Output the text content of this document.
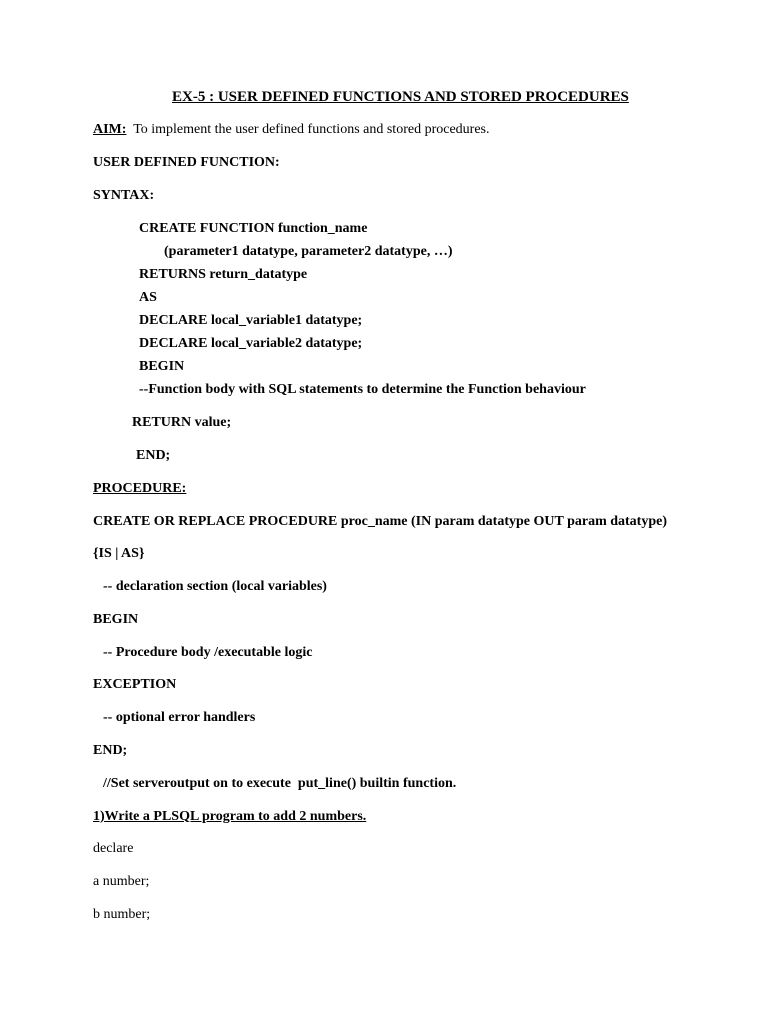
EX-5 : USER DEFINED FUNCTIONS AND STORED PROCEDURES
AIM: To implement the user defined functions and stored procedures.
USER DEFINED FUNCTION:
SYNTAX:
CREATE FUNCTION function_name
(parameter1 datatype, parameter2 datatype, …)
RETURNS return_datatype
AS
DECLARE local_variable1 datatype;
DECLARE local_variable2 datatype;
BEGIN
--Function body with SQL statements to determine the Function behaviour
RETURN value;
END;
PROCEDURE:
CREATE OR REPLACE PROCEDURE proc_name (IN param datatype OUT param datatype)
{IS | AS}
-- declaration section (local variables)
BEGIN
-- Procedure body /executable logic
EXCEPTION
-- optional error handlers
END;
//Set serveroutput on to execute  put_line() builtin function.
1)Write a PLSQL program to add 2 numbers.
declare
a number;
b number;
